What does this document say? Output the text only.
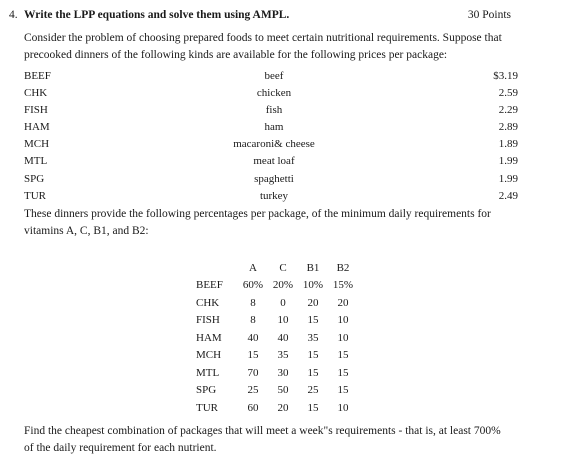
4. Write the LPP equations and solve them using AMPL.	30 Points
Consider the problem of choosing prepared foods to meet certain nutritional requirements. Suppose that precooked dinners of the following kinds are available for the following prices per package:
BEEF	beef	$3.19
CHK	chicken	2.59
FISH	fish	2.29
HAM	ham	2.89
MCH	macaroni& cheese	1.89
MTL	meat loaf	1.99
SPG	spaghetti	1.99
TUR	turkey	2.49
These dinners provide the following percentages per package, of the minimum daily requirements for vitamins A, C, B1, and B2:
	A	C	B1	B2
BEEF	60%	20%	10%	15%
CHK	8	0	20	20
FISH	8	10	15	10
HAM	40	40	35	10
MCH	15	35	15	15
MTL	70	30	15	15
SPG	25	50	25	15
TUR	60	20	15	10
Find the cheapest combination of packages that will meet a week"s requirements - that is, at least 700% of the daily requirement for each nutrient.
